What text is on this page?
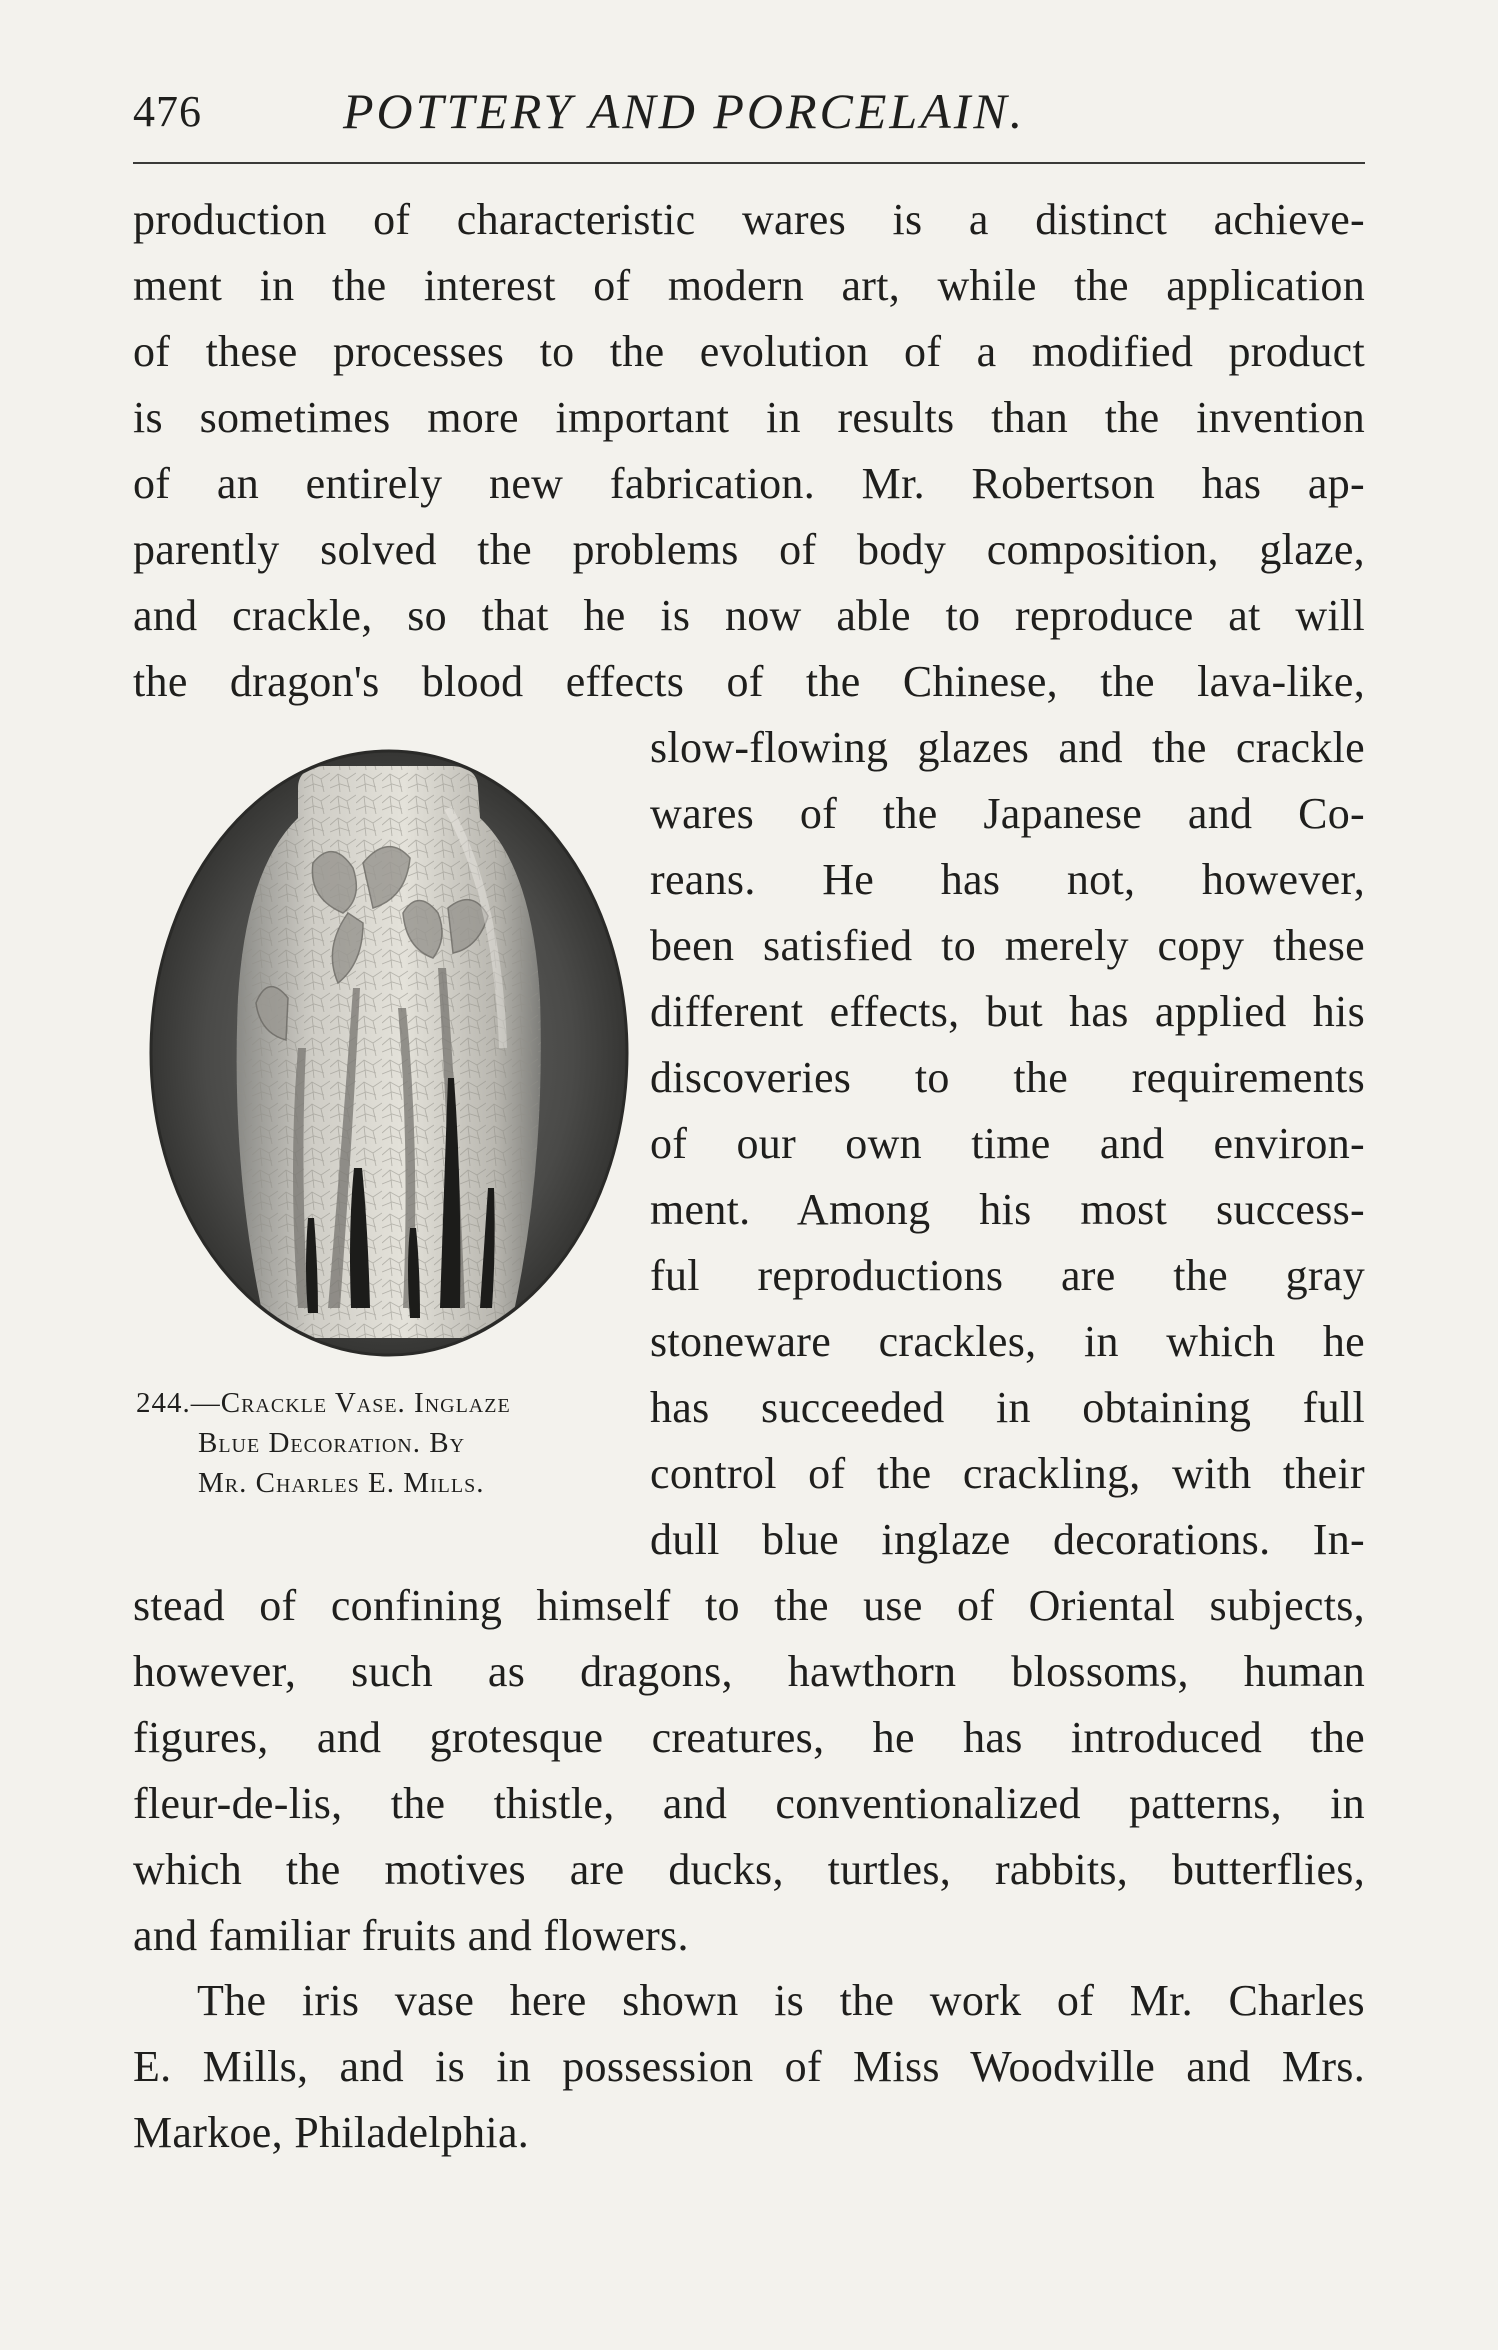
476	POTTERY AND PORCELAIN.
production of characteristic wares is a distinct achieve-
ment in the interest of modern art, while the application
of these processes to the evolution of a modified product
is sometimes more important in results than the invention
of an entirely new fabrication. Mr. Robertson has ap-
parently solved the problems of body composition, glaze,
and crackle, so that he is now able to reproduce at will
the dragon's blood effects of the Chinese, the lava-like,
slow-flowing glazes and the crackle
wares of the Japanese and Co-
reans. He has not, however,
been satisfied to merely copy these
different effects, but has applied his
discoveries to the requirements
of our own time and environ-
ment. Among his most success-
ful reproductions are the gray
stoneware crackles, in which he
has succeeded in obtaining full
control of the crackling, with their
dull blue inglaze decorations. In-
stead of confining himself to the use of Oriental subjects,
however, such as dragons, hawthorn blossoms, human
figures, and grotesque creatures, he has introduced the
fleur-de-lis, the thistle, and conventionalized patterns, in
which the motives are ducks, turtles, rabbits, butterflies,
and familiar fruits and flowers.
The iris vase here shown is the work of Mr. Charles
E. Mills, and is in possession of Miss Woodville and Mrs.
Markoe, Philadelphia.
244.—Crackle Vase. Inglaze
Blue Decoration. By
Mr. Charles E. Mills.
